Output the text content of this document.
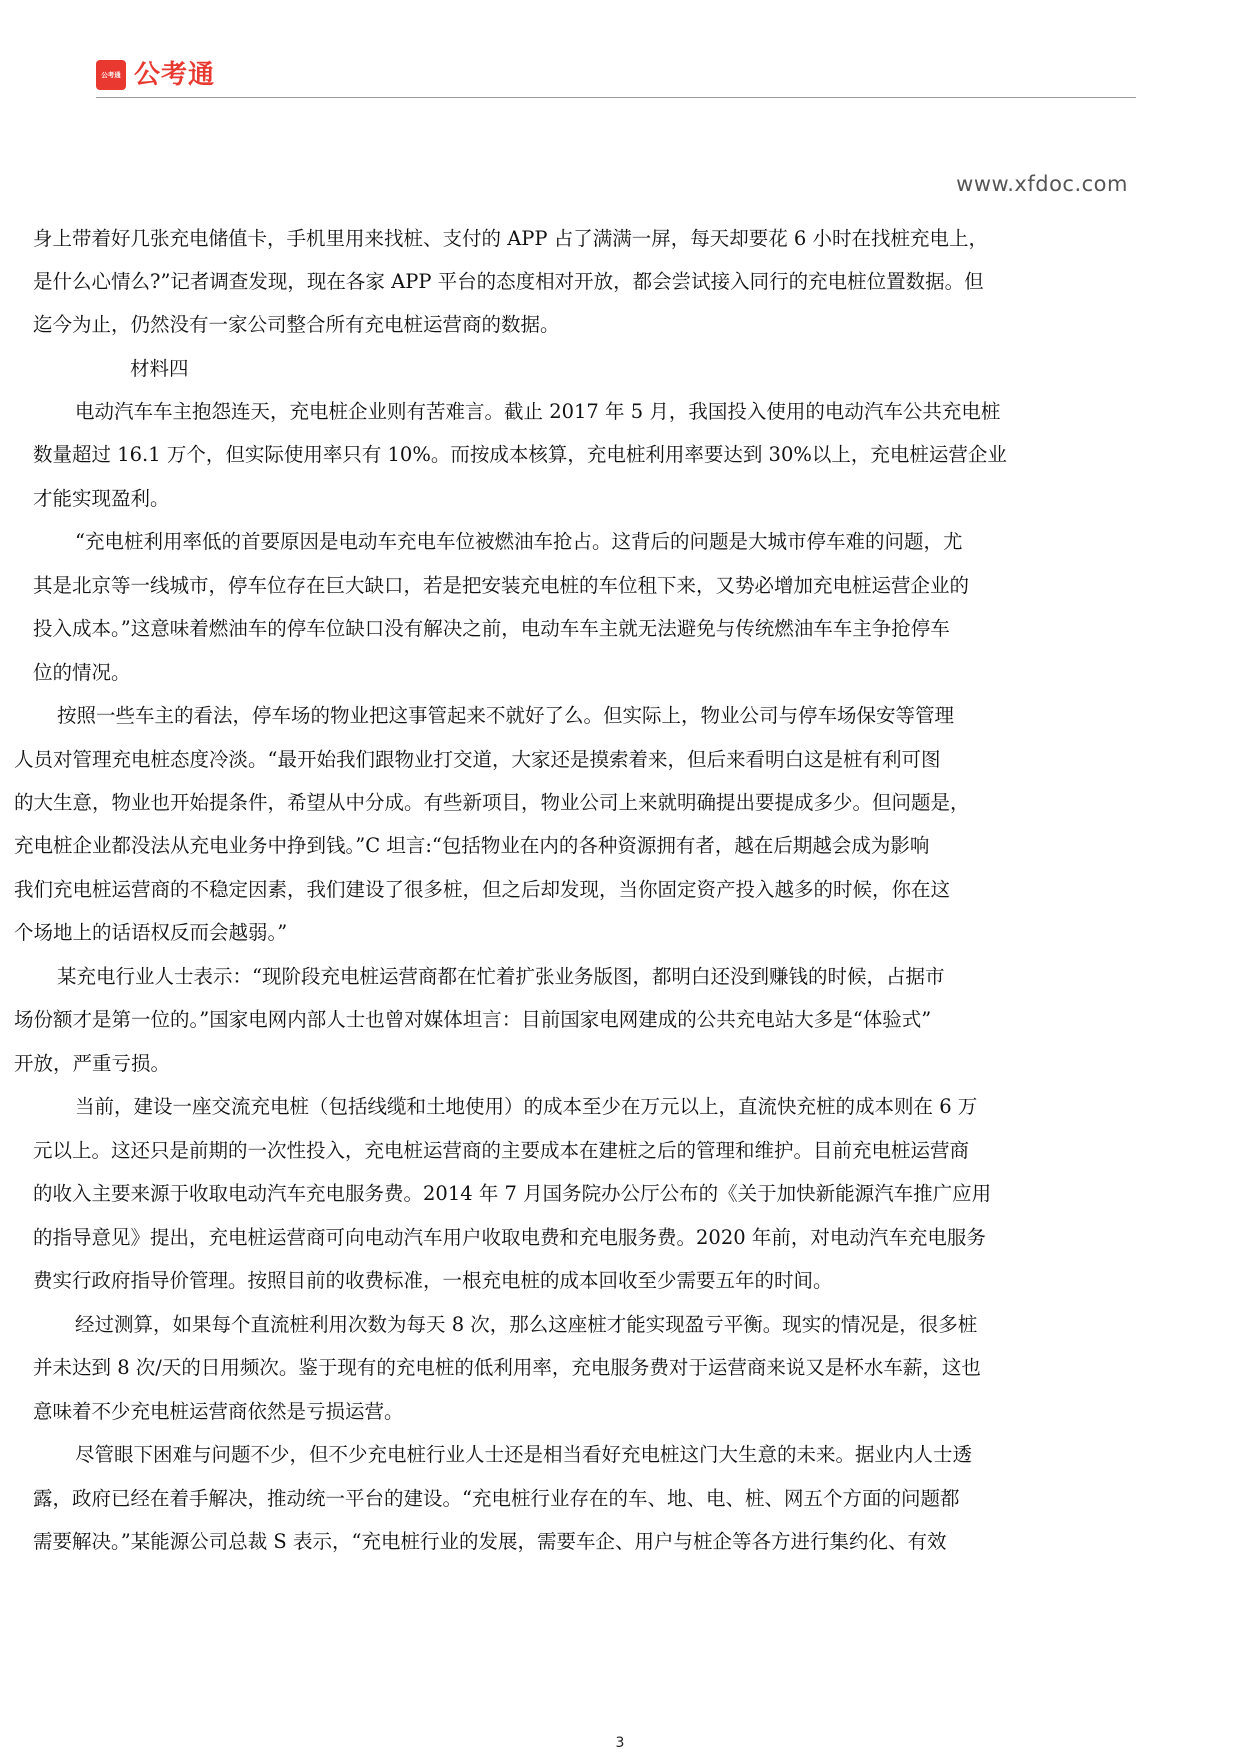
公考通 公考通
www.xfdoc.com
身上带着好几张充电储值卡，手机里用来找桩、支付的 APP 占了满满一屏，每天却要花 6 小时在找桩充电上，
是什么心情么?”记者调查发现，现在各家 APP 平台的态度相对开放，都会尝试接入同行的充电桩位置数据。但
迄今为止，仍然没有一家公司整合所有充电桩运营商的数据。
材料四
电动汽车车主抱怨连天，充电桩企业则有苦难言。截止 2017 年 5 月，我国投入使用的电动汽车公共充电桩
数量超过 16.1 万个，但实际使用率只有 10%。而按成本核算，充电桩利用率要达到 30%以上，充电桩运营企业
才能实现盈利。
“充电桩利用率低的首要原因是电动车充电车位被燃油车抢占。这背后的问题是大城市停车难的问题，尤
其是北京等一线城市，停车位存在巨大缺口，若是把安装充电桩的车位租下来，又势必增加充电桩运营企业的
投入成本。”这意味着燃油车的停车位缺口没有解决之前，电动车车主就无法避免与传统燃油车车主争抢停车
位的情况。
按照一些车主的看法，停车场的物业把这事管起来不就好了么。但实际上，物业公司与停车场保安等管理
人员对管理充电桩态度冷淡。“最开始我们跟物业打交道，大家还是摸索着来，但后来看明白这是桩有利可图
的大生意，物业也开始提条件，希望从中分成。有些新项目，物业公司上来就明确提出要提成多少。但问题是，
充电桩企业都没法从充电业务中挣到钱。”C 坦言:“包括物业在内的各种资源拥有者，越在后期越会成为影响
我们充电桩运营商的不稳定因素，我们建设了很多桩，但之后却发现，当你固定资产投入越多的时候，你在这
个场地上的话语权反而会越弱。”
某充电行业人士表示：“现阶段充电桩运营商都在忙着扩张业务版图，都明白还没到赚钱的时候，占据市
场份额才是第一位的。”国家电网内部人士也曾对媒体坦言：目前国家电网建成的公共充电站大多是“体验式”
开放，严重亏损。
当前，建设一座交流充电桩（包括线缆和土地使用）的成本至少在万元以上，直流快充桩的成本则在 6 万
元以上。这还只是前期的一次性投入，充电桩运营商的主要成本在建桩之后的管理和维护。目前充电桩运营商
的收入主要来源于收取电动汽车充电服务费。2014 年 7 月国务院办公厅公布的《关于加快新能源汽车推广应用
的指导意见》提出，充电桩运营商可向电动汽车用户收取电费和充电服务费。2020 年前，对电动汽车充电服务
费实行政府指导价管理。按照目前的收费标准，一根充电桩的成本回收至少需要五年的时间。
经过测算，如果每个直流桩利用次数为每天 8 次，那么这座桩才能实现盈亏平衡。现实的情况是，很多桩
并未达到 8 次/天的日用频次。鉴于现有的充电桩的低利用率，充电服务费对于运营商来说又是杯水车薪，这也
意味着不少充电桩运营商依然是亏损运营。
尽管眼下困难与问题不少，但不少充电桩行业人士还是相当看好充电桩这门大生意的未来。据业内人士透
露，政府已经在着手解决，推动统一平台的建设。“充电桩行业存在的车、地、电、桩、网五个方面的问题都
需要解决。”某能源公司总裁 S 表示，“充电桩行业的发展，需要车企、用户与桩企等各方进行集约化、有效
3
